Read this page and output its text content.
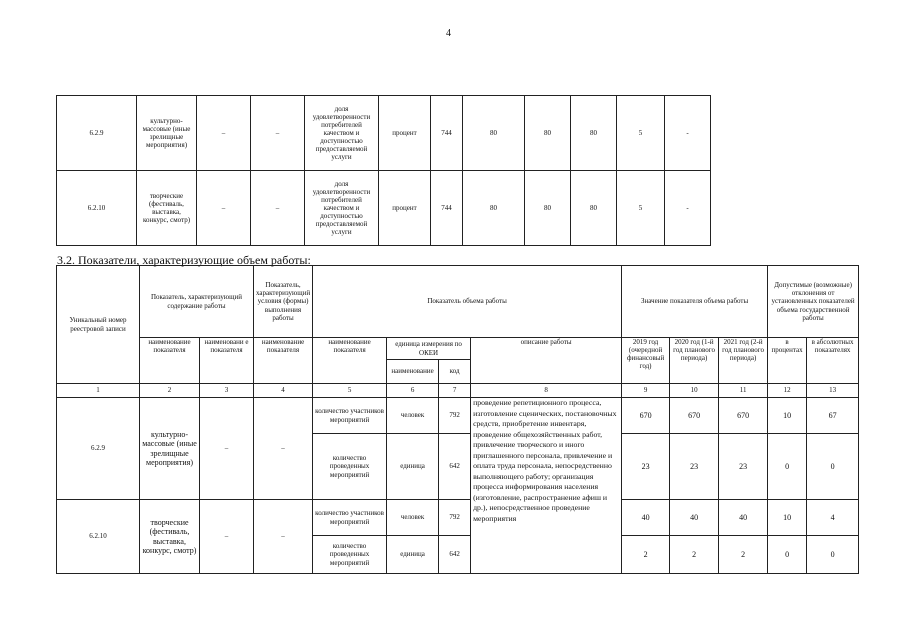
4
6.2.9	культурно-массовые (иные зрелищные мероприятия)	–	–	доля удовлетворенности потребителей качеством и доступностью предоставляемой услуги	процент	744	80	80	80	5	-
6.2.10	творческие (фестиваль, выставка, конкурс, смотр)	–	–	доля удовлетворенности потребителей качеством и доступностью предоставляемой услуги	процент	744	80	80	80	5	-
3.2. Показатели, характеризующие объем работы:
Уникальный номер реестровой записи	Показатель, характеризующий содержание работы		Показатель, характеризующий условия (формы) выполнения работы	Показатель объема работы				Значение показателя объема работы			Допустимые (возможные) отклонения от установленных показателей объема государственной работы	
	наименование показателя	наименовани е показателя	наименование показателя	наименование показателя	единица измерения по ОКЕИ		описание работы	2019 год (очередной финансовый год)	2020 год (1-й год планового периода)	2021 год (2-й год планового периода)	в процентах	в абсолютных показателях
					наименование	код						
1	2	3	4	5	6	7	8	9	10	11	12	13
6.2.9	культурно-массовые (иные зрелищные мероприятия)	–	–	количество участников мероприятий	человек	792	проведение репетиционного процесса, изготовление сценических, постановочных средств, приобретение инвентаря, проведение общехозяйственных работ, привлечение творческого и иного приглашенного персонала, привлечение и оплата труда персонала, непосредственно выполняющего работу; организация процесса информирования населения (изготовление, распространение афиш и др.), непосредственное проведение мероприятия	670	670	670	10	67
				количество проведенных мероприятий	единица	642		23	23	23	0	0
6.2.10	творческие (фестиваль, выставка, конкурс, смотр)	–	–	количество участников мероприятий	человек	792		40	40	40	10	4
				количество проведенных мероприятий	единица	642		2	2	2	0	0
